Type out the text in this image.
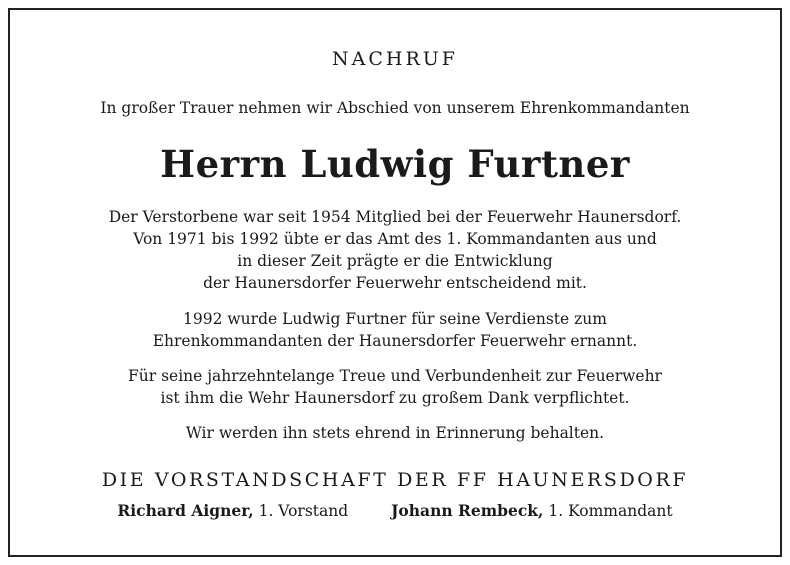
NACHRUF
In großer Trauer nehmen wir Abschied von unserem Ehrenkommandanten
Herrn Ludwig Furtner
Der Verstorbene war seit 1954 Mitglied bei der Feuerwehr Haunersdorf.
Von 1971 bis 1992 übte er das Amt des 1. Kommandanten aus und
in dieser Zeit prägte er die Entwicklung
der Haunersdorfer Feuerwehr entscheidend mit.
1992 wurde Ludwig Furtner für seine Verdienste zum
Ehrenkommandanten der Haunersdorfer Feuerwehr ernannt.
Für seine jahrzehntelange Treue und Verbundenheit zur Feuerwehr
ist ihm die Wehr Haunersdorf zu großem Dank verpflichtet.
Wir werden ihn stets ehrend in Erinnerung behalten.
DIE VORSTANDSCHAFT DER FF HAUNERSDORF
Richard Aigner, 1. Vorstand	Johann Rembeck, 1. Kommandant
